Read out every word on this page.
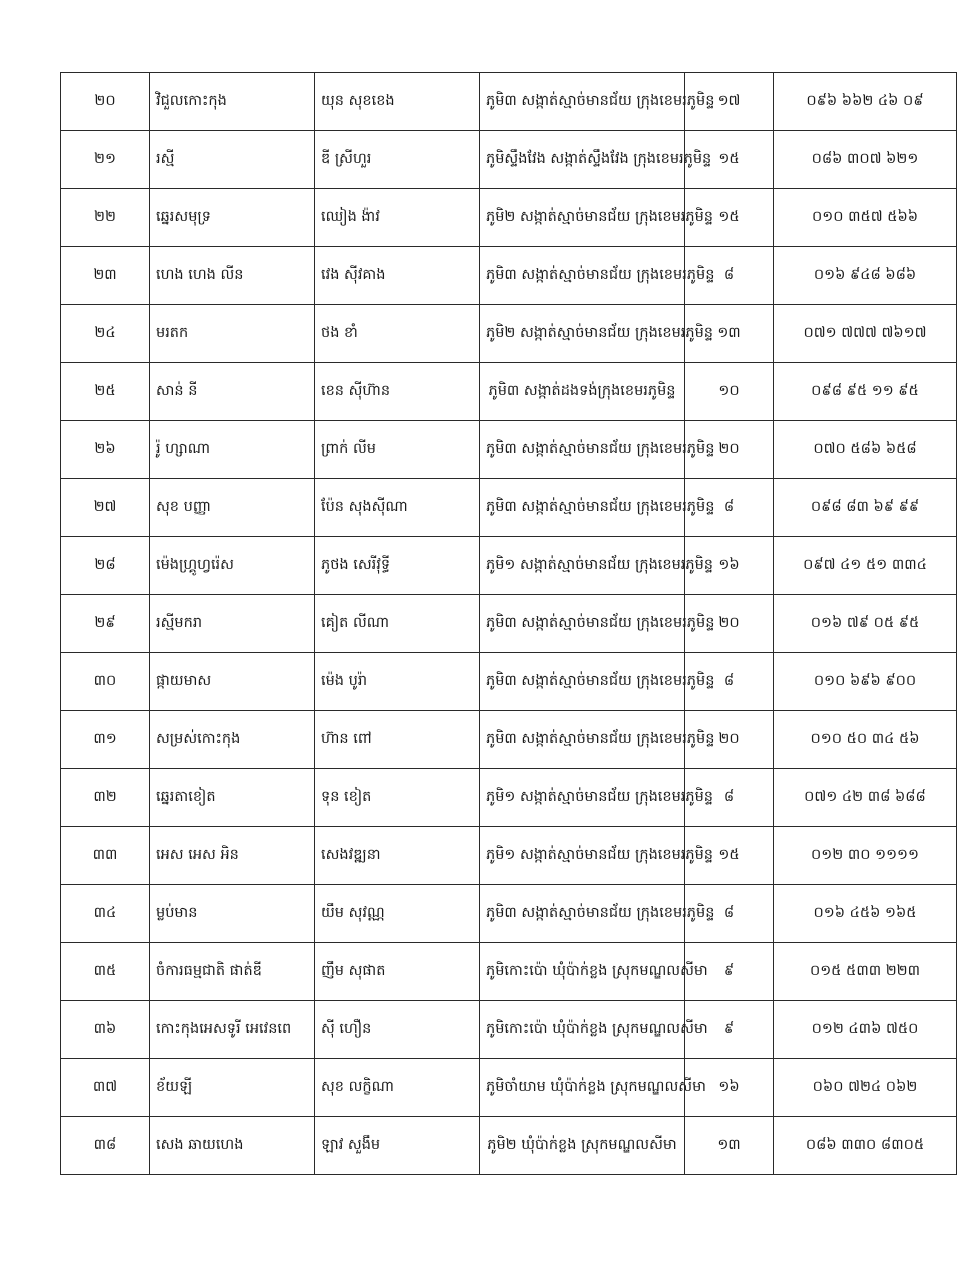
២០	វិជួលកោះកុង	យុន សុខខេង	ភូមិ៣ សង្កាត់ស្មាច់មានជ័យ ក្រុងខេមរភូមិន្ទ	១៧	០៩៦ ៦៦២ ៤៦ ០៩
២១	រស្មី	ឌី ស្រីហួរ	ភូមិស្ទឹងវែង សង្កាត់ស្ទឹងវែង ក្រុងខេមរភូមិន្ទ	១៥	០៨៦ ៣០៧ ៦២១
២២	ឆ្នេរសមុទ្រ	ឈៀង ង៉ាវ	ភូមិ២ សង្កាត់ស្មាច់មានជ័យ ក្រុងខេមរភូមិន្ទ	១៥	០១០ ៣៥៧ ៥៦៦
២៣	ហេង ហេង លីន	វេង ស៊ីវគាង	ភូមិ៣ សង្កាត់ស្មាច់មានជ័យ ក្រុងខេមរភូមិន្ទ	៨	០១៦ ៩៤៨ ៦៨៦
២៤	មរតក	ថង ខាំ	ភូមិ២ សង្កាត់ស្មាច់មានជ័យ ក្រុងខេមរភូមិន្ទ	១៣	០៧១ ៧៧៧ ៧៦១៧
២៥	សាន់ នី	ខេន ស៊ីហ៊ាន	ភូមិ៣ សង្កាត់ដងទង់ក្រុងខេមរភូមិន្ទ	១០	០៩៨ ៩៥ ១១ ៩៥
២៦	រ៉ូ ហ្សាណា	ព្រាក់ លីម	ភូមិ៣ សង្កាត់ស្មាច់មានជ័យ ក្រុងខេមរភូមិន្ទ	២០	០៧០ ៥៨៦ ៦៥៨
២៧	សុខ បញ្ញា	ប៉ែន សុងស៊ីណា	ភូមិ៣ សង្កាត់ស្មាច់មានជ័យ ក្រុងខេមរភូមិន្ទ	៨	០៩៨ ៨៣ ៦៩ ៩៩
២៨	ម៉េងហ្គ្រូហ្វរ៉េស	ភូថង សេរីវុទ្ធី	ភូមិ១ សង្កាត់ស្មាច់មានជ័យ ក្រុងខេមរភូមិន្ទ	១៦	០៩៧ ៤១ ៥១ ៣៣៤
២៩	រស្មីមករា	គៀត លីណា	ភូមិ៣ សង្កាត់ស្មាច់មានជ័យ ក្រុងខេមរភូមិន្ទ	២០	០១៦ ៧៩ ០៥ ៩៥
៣០	ផ្កាយមាស	ម៉េង បូរ៉ា	ភូមិ៣ សង្កាត់ស្មាច់មានជ័យ ក្រុងខេមរភូមិន្ទ	៨	០១០ ៦៩៦ ៩០០
៣១	សម្រស់កោះកុង	ហ៊ាន ពៅ	ភូមិ៣ សង្កាត់ស្មាច់មានជ័យ ក្រុងខេមរភូមិន្ទ	២០	០១០ ៥០ ៣៤ ៥៦
៣២	ឆ្នេរតាខៀត	ទុន ខៀត	ភូមិ១ សង្កាត់ស្មាច់មានជ័យ ក្រុងខេមរភូមិន្ទ	៨	០៧១ ៤២ ៣៨ ៦៨៨
៣៣	អេស អេស អិន	សេងវឌ្ឍនា	ភូមិ១ សង្កាត់ស្មាច់មានជ័យ ក្រុងខេមរភូមិន្ទ	១៥	០១២ ៣០ ១១១១
៣៤	ម្លប់មាន	យឹម សុវណ្ណ	ភូមិ៣ សង្កាត់ស្មាច់មានជ័យ ក្រុងខេមរភូមិន្ទ	៨	០១៦ ៤៥៦ ១៦៥
៣៥	ចំការធម្មជាតិ ផាត់ឌី	ញឹម សុផាត	ភូមិកោះប៉ោ ឃុំប៉ាក់ខ្លង ស្រុកមណ្ឌលសីមា	៩	០១៥ ៥៣៣ ២២៣
៣៦	កោះកុងអេសទូរី អេវេនពេ	ស៊ី ហឿន	ភូមិកោះប៉ោ ឃុំប៉ាក់ខ្លង ស្រុកមណ្ឌលសីមា	៩	០១២ ៤៣៦ ៧៥០
៣៧	ខ័យឡី	សុខ លក្ខិណា	ភូមិចាំយាម ឃុំប៉ាក់ខ្លង ស្រុកមណ្ឌលសីមា	១៦	០៦០ ៧២៤ ០៦២
៣៨	សេង ឆាយហេង	ឡាវ សួងឹម	ភូមិ២ ឃុំប៉ាក់ខ្លង ស្រុកមណ្ឌលសីមា	១៣	០៨៦ ៣៣០ ៨៣០៥
